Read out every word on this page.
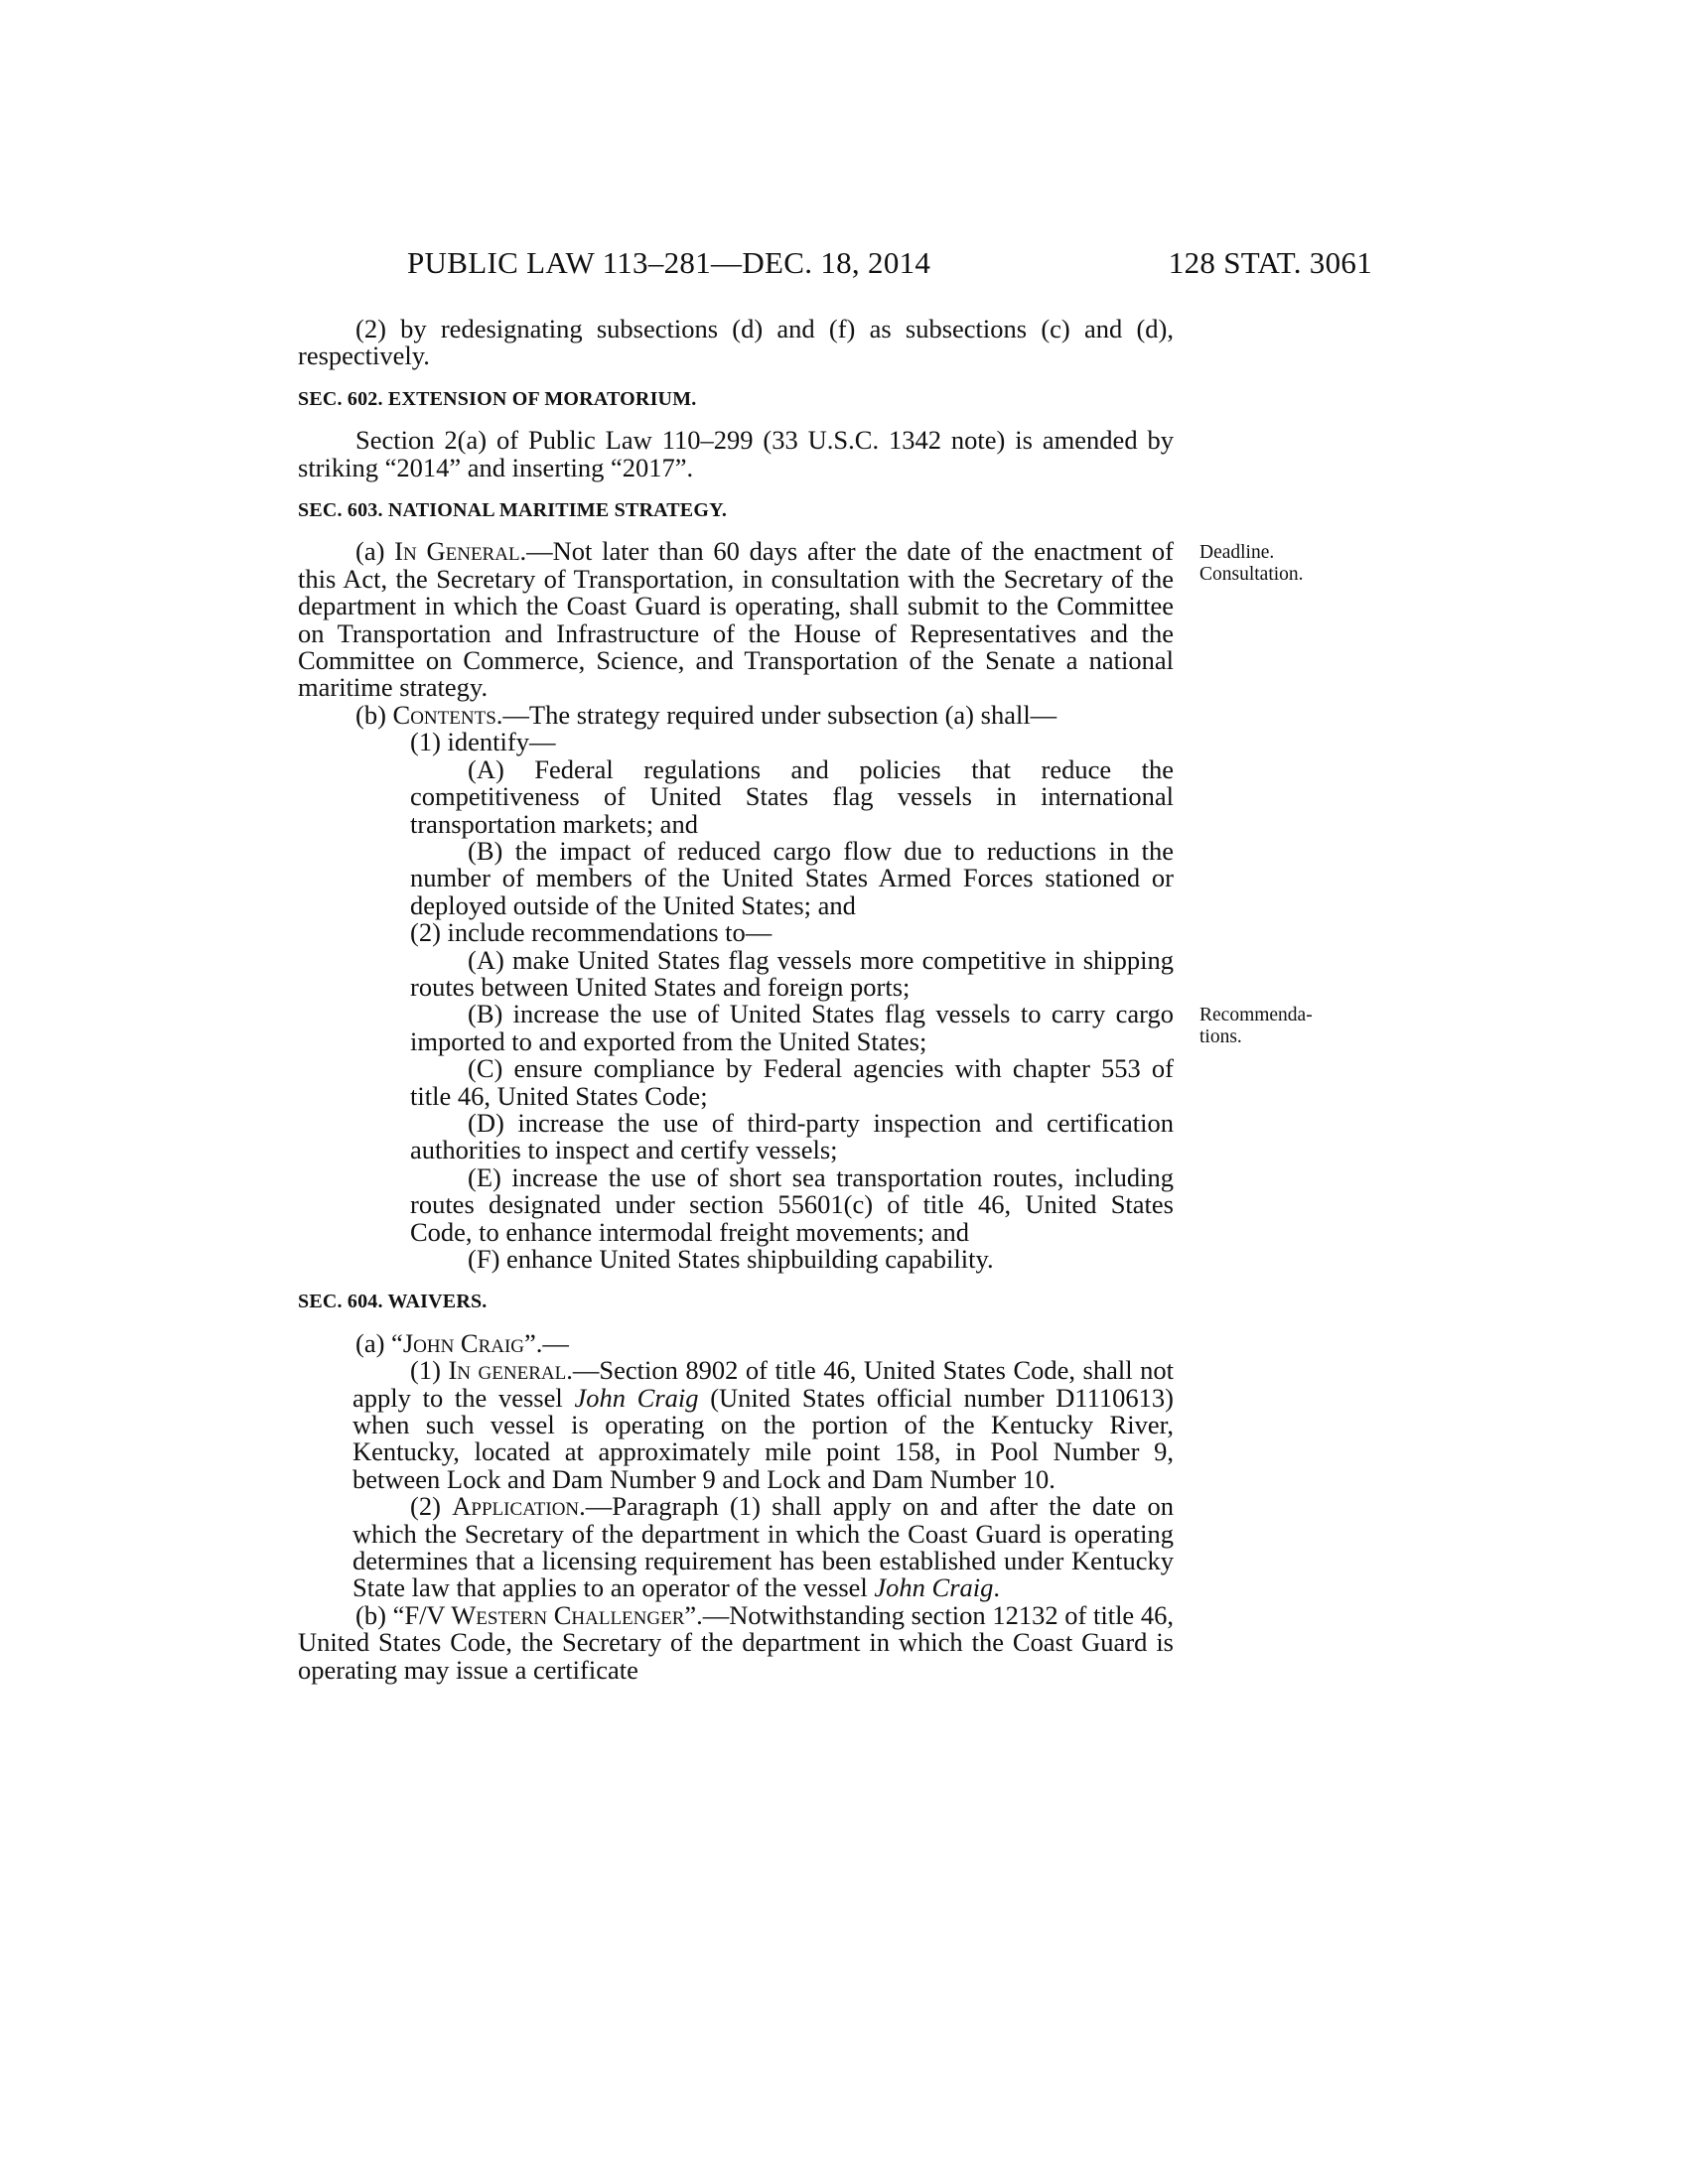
PUBLIC LAW 113–281—DEC. 18, 2014	128 STAT. 3061
Deadline.
Consultation.
Recommenda-
tions.

(2) by redesignating subsections (d) and (f) as subsections (c) and (d), respectively.

SEC. 602. EXTENSION OF MORATORIUM.

Section 2(a) of Public Law 110–299 (33 U.S.C. 1342 note) is amended by striking “2014” and inserting “2017”.

SEC. 603. NATIONAL MARITIME STRATEGY.

(a) In General.—Not later than 60 days after the date of the enactment of this Act, the Secretary of Transportation, in consultation with the Secretary of the department in which the Coast Guard is operating, shall submit to the Committee on Transportation and Infrastructure of the House of Representatives and the Committee on Commerce, Science, and Transportation of the Senate a national maritime strategy.

(b) Contents.—The strategy required under subsection (a) shall—

(1) identify—

(A) Federal regulations and policies that reduce the competitiveness of United States flag vessels in international transportation markets; and

(B) the impact of reduced cargo flow due to reductions in the number of members of the United States Armed Forces stationed or deployed outside of the United States; and

(2) include recommendations to—

(A) make United States flag vessels more competitive in shipping routes between United States and foreign ports;

(B) increase the use of United States flag vessels to carry cargo imported to and exported from the United States;

(C) ensure compliance by Federal agencies with chapter 553 of title 46, United States Code;

(D) increase the use of third-party inspection and certification authorities to inspect and certify vessels;

(E) increase the use of short sea transportation routes, including routes designated under section 55601(c) of title 46, United States Code, to enhance intermodal freight movements; and

(F) enhance United States shipbuilding capability.

SEC. 604. WAIVERS.

(a) “John Craig”.—

(1) In general.—Section 8902 of title 46, United States Code, shall not apply to the vessel John Craig (United States official number D1110613) when such vessel is operating on the portion of the Kentucky River, Kentucky, located at approximately mile point 158, in Pool Number 9, between Lock and Dam Number 9 and Lock and Dam Number 10.

(2) Application.—Paragraph (1) shall apply on and after the date on which the Secretary of the department in which the Coast Guard is operating determines that a licensing requirement has been established under Kentucky State law that applies to an operator of the vessel John Craig.

(b) “F/V Western Challenger”.—Notwithstanding section 12132 of title 46, United States Code, the Secretary of the department in which the Coast Guard is operating may issue a certificate
